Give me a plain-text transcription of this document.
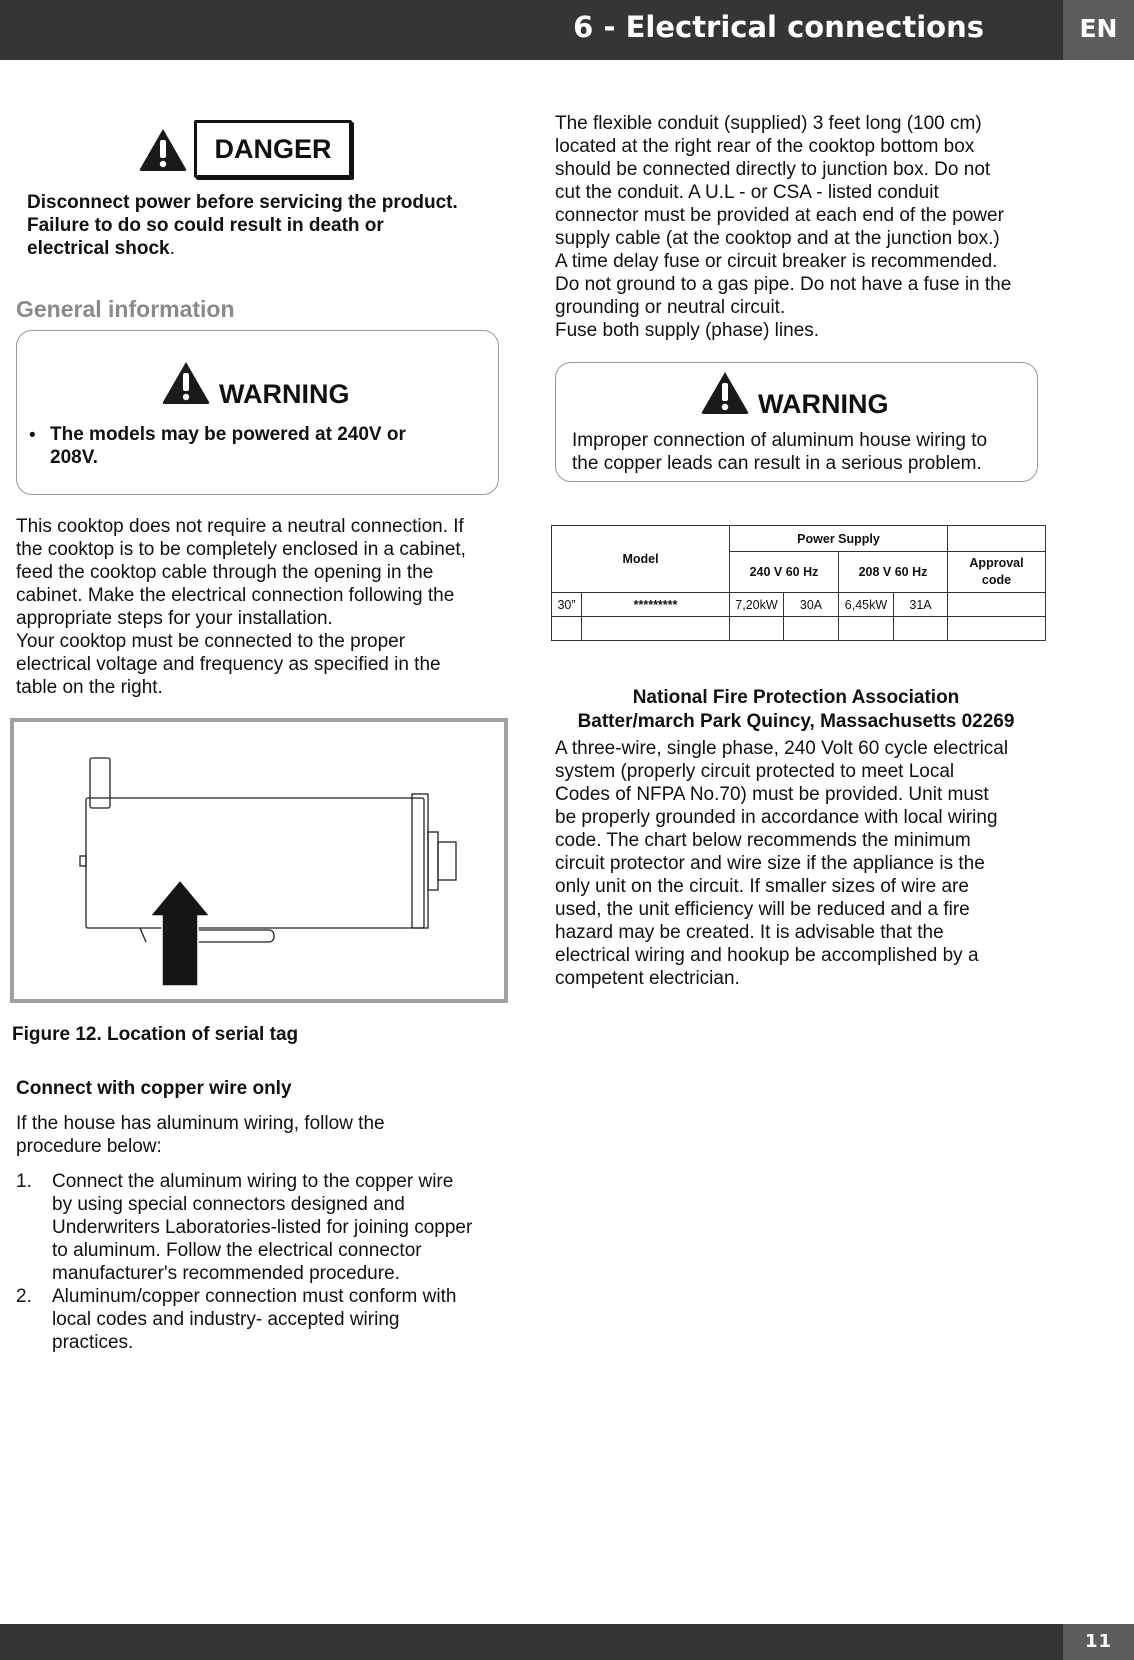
6 - Electrical connections	EN
DANGER
Disconnect power before servicing the product.
Failure to do so could result in death or
electrical shock.
General information
WARNING
• The models may be powered at 240V or
208V.
This cooktop does not require a neutral connection. If
the cooktop is to be completely enclosed in a cabinet,
feed the cooktop cable through the opening in the
cabinet. Make the electrical connection following the
appropriate steps for your installation.
Your cooktop must be connected to the proper
electrical voltage and frequency as specified in the
table on the right.
Figure 12. Location of serial tag
Connect with copper wire only
If the house has aluminum wiring, follow the
procedure below:
1. Connect the aluminum wiring to the copper wire
by using special connectors designed and
Underwriters Laboratories-listed for joining copper
to aluminum. Follow the electrical connector
manufacturer's recommended procedure.
2. Aluminum/copper connection must conform with
local codes and industry- accepted wiring
practices.
The flexible conduit (supplied) 3 feet long (100 cm)
located at the right rear of the cooktop bottom box
should be connected directly to junction box. Do not
cut the conduit. A U.L - or CSA - listed conduit
connector must be provided at each end of the power
supply cable (at the cooktop and at the junction box.)
A time delay fuse or circuit breaker is recommended.
Do not ground to a gas pipe. Do not have a fuse in the
grounding or neutral circuit.
Fuse both supply (phase) lines.
WARNING
Improper connection of aluminum house wiring to
the copper leads can result in a serious problem.
Model		Power Supply				
		240 V 60 Hz		208 V 60 Hz		Approval
code
30”	*********	7,20kW	30A	6,45kW	31A	

National Fire Protection Association
Batter/march Park Quincy, Massachusetts 02269
A three-wire, single phase, 240 Volt 60 cycle electrical
system (properly circuit protected to meet Local
Codes of NFPA No.70) must be provided. Unit must
be properly grounded in accordance with local wiring
code. The chart below recommends the minimum
circuit protector and wire size if the appliance is the
only unit on the circuit. If smaller sizes of wire are
used, the unit efficiency will be reduced and a fire
hazard may be created. It is advisable that the
electrical wiring and hookup be accomplished by a
competent electrician.
11
